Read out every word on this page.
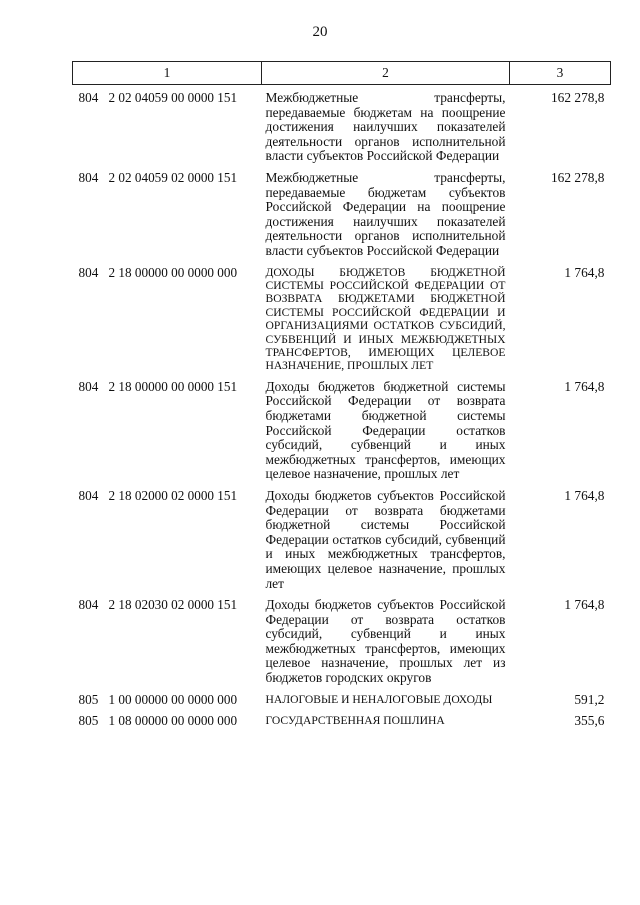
20
1	2	3
804 2 02 04059 00 0000 151	Межбюджетные трансферты, передаваемые бюджетам на поощрение достижения наилучших показателей деятельности органов исполнительной власти субъектов Российской Федерации	162 278,8
804 2 02 04059 02 0000 151	Межбюджетные трансферты, передаваемые бюджетам субъектов Российской Федерации на поощрение достижения наилучших показателей деятельности органов исполнительной власти субъектов Российской Федерации	162 278,8
804 2 18 00000 00 0000 000	ДОХОДЫ БЮДЖЕТОВ БЮДЖЕТНОЙ СИСТЕМЫ РОССИЙСКОЙ ФЕДЕРАЦИИ ОТ ВОЗВРАТА БЮДЖЕТАМИ БЮДЖЕТНОЙ СИСТЕМЫ РОССИЙСКОЙ ФЕДЕРАЦИИ И ОРГАНИЗАЦИЯМИ ОСТАТКОВ СУБСИДИЙ, СУБВЕНЦИЙ И ИНЫХ МЕЖБЮДЖЕТНЫХ ТРАНСФЕРТОВ, ИМЕЮЩИХ ЦЕЛЕВОЕ НАЗНАЧЕНИЕ, ПРОШЛЫХ ЛЕТ	1 764,8
804 2 18 00000 00 0000 151	Доходы бюджетов бюджетной системы Российской Федерации от возврата бюджетами бюджетной системы Российской Федерации остатков субсидий, субвенций и иных межбюджетных трансфертов, имеющих целевое назначение, прошлых лет	1 764,8
804 2 18 02000 02 0000 151	Доходы бюджетов субъектов Российской Федерации от возврата бюджетами бюджетной системы Российской Федерации остатков субсидий, субвенций и иных межбюджетных трансфертов, имеющих целевое назначение, прошлых лет	1 764,8
804 2 18 02030 02 0000 151	Доходы бюджетов субъектов Российской Федерации от возврата остатков субсидий, субвенций и иных межбюджетных трансфертов, имеющих целевое назначение, прошлых лет из бюджетов городских округов	1 764,8
805 1 00 00000 00 0000 000	НАЛОГОВЫЕ И НЕНАЛОГОВЫЕ ДОХОДЫ	591,2
805 1 08 00000 00 0000 000	ГОСУДАРСТВЕННАЯ ПОШЛИНА	355,6
